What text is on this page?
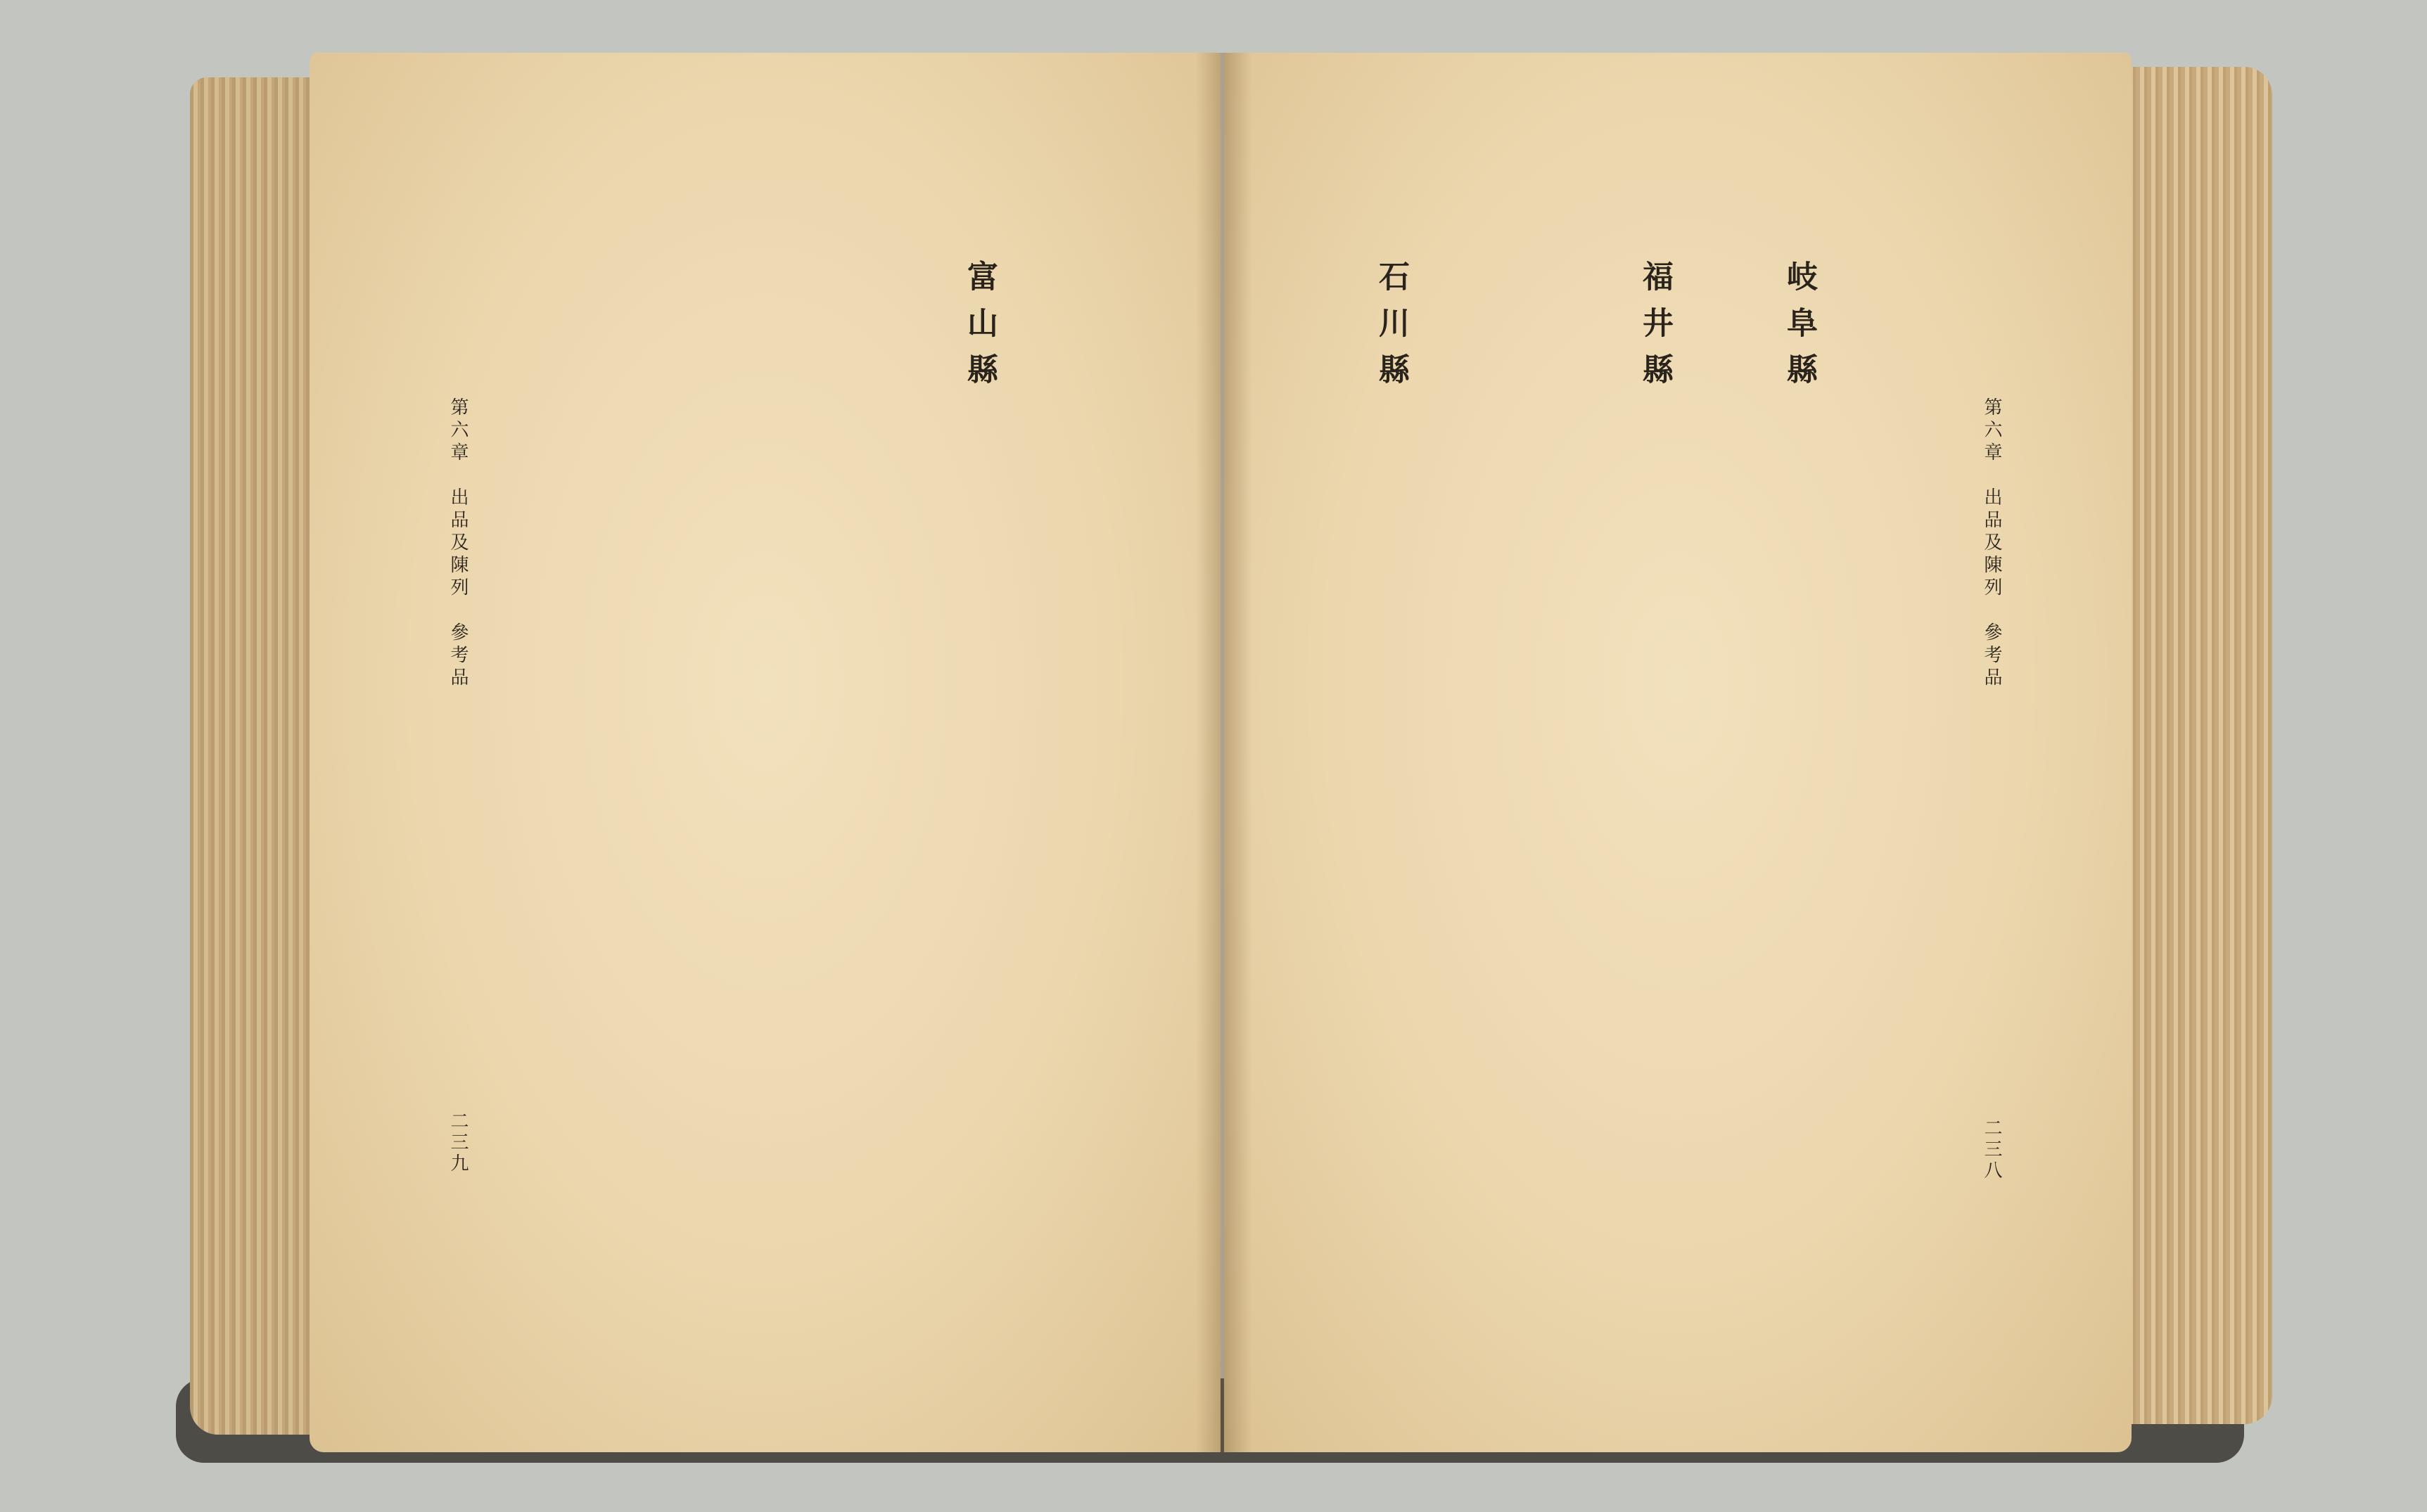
第六章　出品及陳列　參考品
二三九
富山縣
第六章　出品及陳列　參考品
二三八
岐阜縣
福井縣
石川縣
